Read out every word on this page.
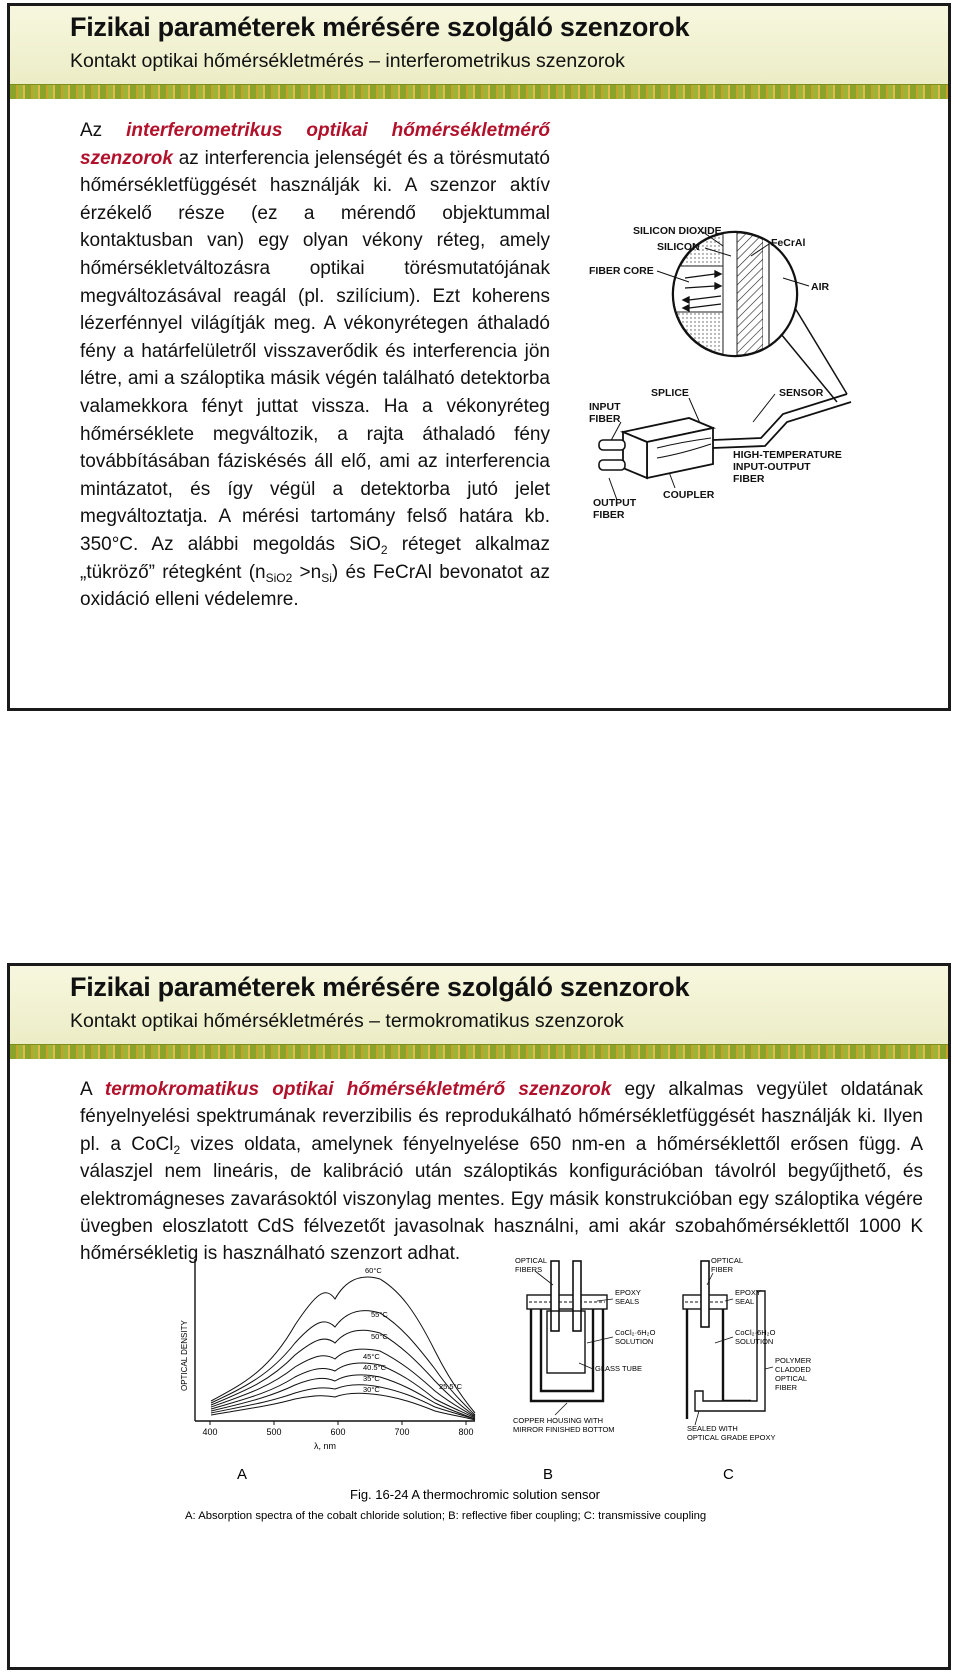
Fizikai paraméterek mérésére szolgáló szenzorok
Kontakt optikai hőmérsékletmérés – interferometrikus szenzorok
Az interferometrikus optikai hőmérsékletmérő szenzorok az interferencia jelenségét és a törésmutató hőmérsékletfüggését használják ki. A szenzor aktív érzékelő része (ez a mérendő objektummal kontaktusban van) egy olyan vékony réteg, amely hőmérsékletváltozásra optikai törésmutatójának megváltozásával reagál (pl. szilícium). Ezt koherens lézerfénnyel világítják meg. A vékonyrétegen áthaladó fény a határfelületről visszaverődik és interferencia jön létre, ami a száloptika másik végén található detektorba valamekkora fényt juttat vissza. Ha a vékonyréteg hőmérséklete megváltozik, a rajta áthaladó fény továbbításában fáziskésés áll elő, ami az interferencia mintázatot, és így végül a detektorba jutó jelet megváltoztatja. A mérési tartomány felső határa kb. 350°C. Az alábbi megoldás SiO$_2$ réteget alkalmaz „tükröző” rétegként $(n_{SiO2} >n_{Si})$ és FeCrAl bevonatot az oxidáció elleni védelemre.
SILICON DIOXIDE
SILICON	FeCrAl
FIBER CORE
AIR
SPLICE	SENSOR
INPUT
FIBER
HIGH-TEMPERATURE
INPUT-OUTPUT
FIBER
COUPLER
OUTPUT
FIBER
Fizikai paraméterek mérésére szolgáló szenzorok
Kontakt optikai hőmérsékletmérés – termokromatikus szenzorok
A termokromatikus optikai hőmérsékletmérő szenzorok egy alkalmas vegyület oldatának fényelnyelési spektrumának reverzibilis és reprodukálható hőmérsékletfüggését használják ki. Ilyen pl. a CoCl$_2$ vizes oldata, amelynek fényelnyelése 650 nm-en a hőmérséklettől erősen függ. A válaszjel nem lineáris, de kalibráció után száloptikás konfigurációban távolról begyűjthető, és elektromágneses zavarásoktól viszonylag mentes. Egy másik konstrukcióban egy száloptika végére üvegben eloszlatott CdS félvezetőt javasolnak használni, ami akár szobahőmérséklettől 1000 K hőmérsékletig is használható szenzort adhat.
OPTICAL DENSITY
400	500	600	700	800
λ, nm
60°C
55°C
50°C
45°C
40.5°C
35°C
30°C	25.5°C
A
OPTICAL
FIBERS
EPOXY
SEALS
CoCl₂·6H₂O
SOLUTION
GLASS TUBE
COPPER HOUSING WITH
MIRROR FINISHED BOTTOM
B
OPTICAL
FIBER
EPOXY
SEAL
CoCl₂·6H₂O
SOLUTION
POLYMER
CLADDED
OPTICAL
FIBER
SEALED WITH
OPTICAL GRADE EPOXY
C
Fig. 16-24 A thermochromic solution sensor
A: Absorption spectra of the cobalt chloride solution; B: reflective fiber coupling; C: transmissive coupling
